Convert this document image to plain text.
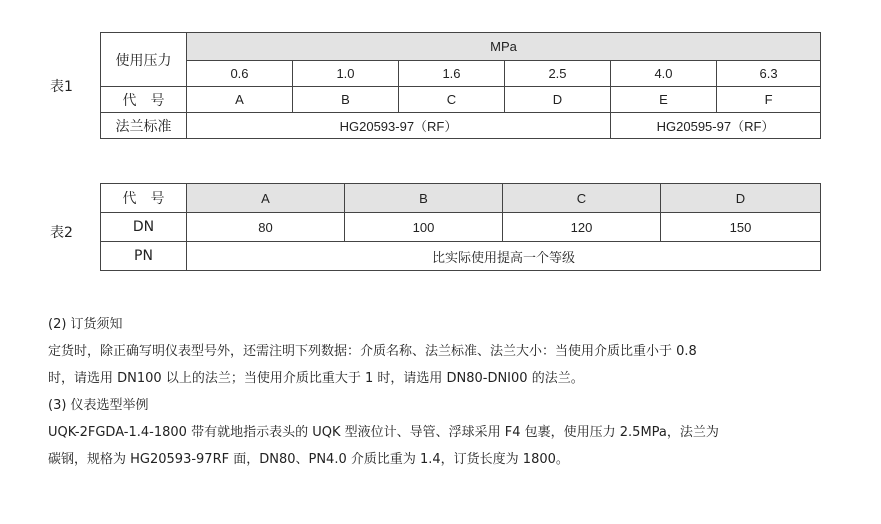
表1
使用压力	MPa					
	0.6	1.0	1.6	2.5	4.0	6.3
代　号	A	B	C	D	E	F
法兰标准	HG20593-97（RF）				HG20595-97（RF）	
表2
代　号	A	B	C	D
DN	80	100	120	150
PN	比实际使用提高一个等级			
(2) 订货须知
定货时，除正确写明仪表型号外，还需注明下列数据：介质名称、法兰标准、法兰大小：当使用介质比重小于 0.8
时，请选用 DN100 以上的法兰；当使用介质比重大于 1 时，请选用 DN80-DNI00 的法兰。
(3) 仪表选型举例
UQK-2FGDA-1.4-1800 带有就地指示表头的 UQK 型液位计、导管、浮球采用 F4 包裹，使用压力 2.5MPa，法兰为
碳钢，规格为 HG20593-97RF 面，DN80、PN4.0 介质比重为 1.4，订货长度为 1800。
